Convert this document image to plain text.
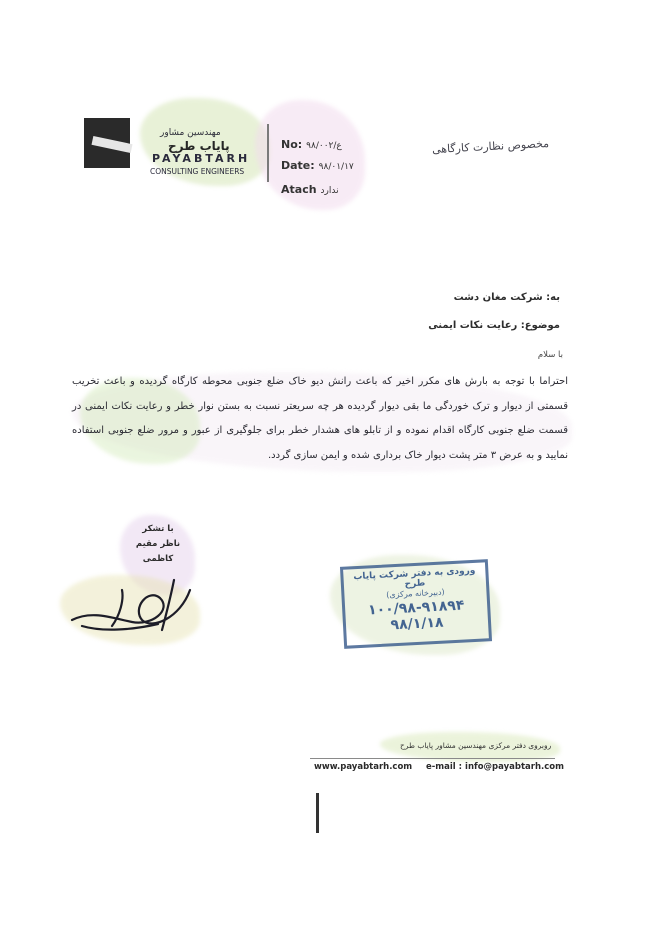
مهندسین مشاور
پایاب طرح
PAYABTARH
CONSULTING ENGINEERS
No: ۹۸/ع/۰۰۲
Date: ۹۸/۰۱/۱۷
Atach ندارد
مخصوص نظارت کارگاهی
به: شرکت مغان دشت
موضوع: رعایت نکات ایمنی
با سلام
احتراما با توجه به بارش های مکرر اخیر که باعث رانش دیو خاک ضلع جنوبی محوطه کارگاه گردیده و باعث تخریب قسمتی از دیوار و ترک خوردگی ما بقی دیوار گردیده هر چه سریعتر نسبت به بستن نوار خطر و رعایت نکات ایمنی در قسمت ضلع جنوبی کارگاه اقدام نموده و از تابلو های هشدار خطر برای جلوگیری از عبور و مرور ضلع جنوبی استفاده نمایید و به عرض ۳ متر پشت دیوار خاک برداری شده و ایمن سازی گردد.
با تشکر
ناظر مقیم
کاظمی
ورودی به دفتر شرکت پایاب طرح
(دبیرخانه مرکزی)
۱۰۰/۹۸-۹۱۸۹۴
۹۸/۱/۱۸
روبروی دفتر مرکزی مهندسین مشاور پایاب طرح
www.payabtarh.com e-mail : info@payabtarh.com
